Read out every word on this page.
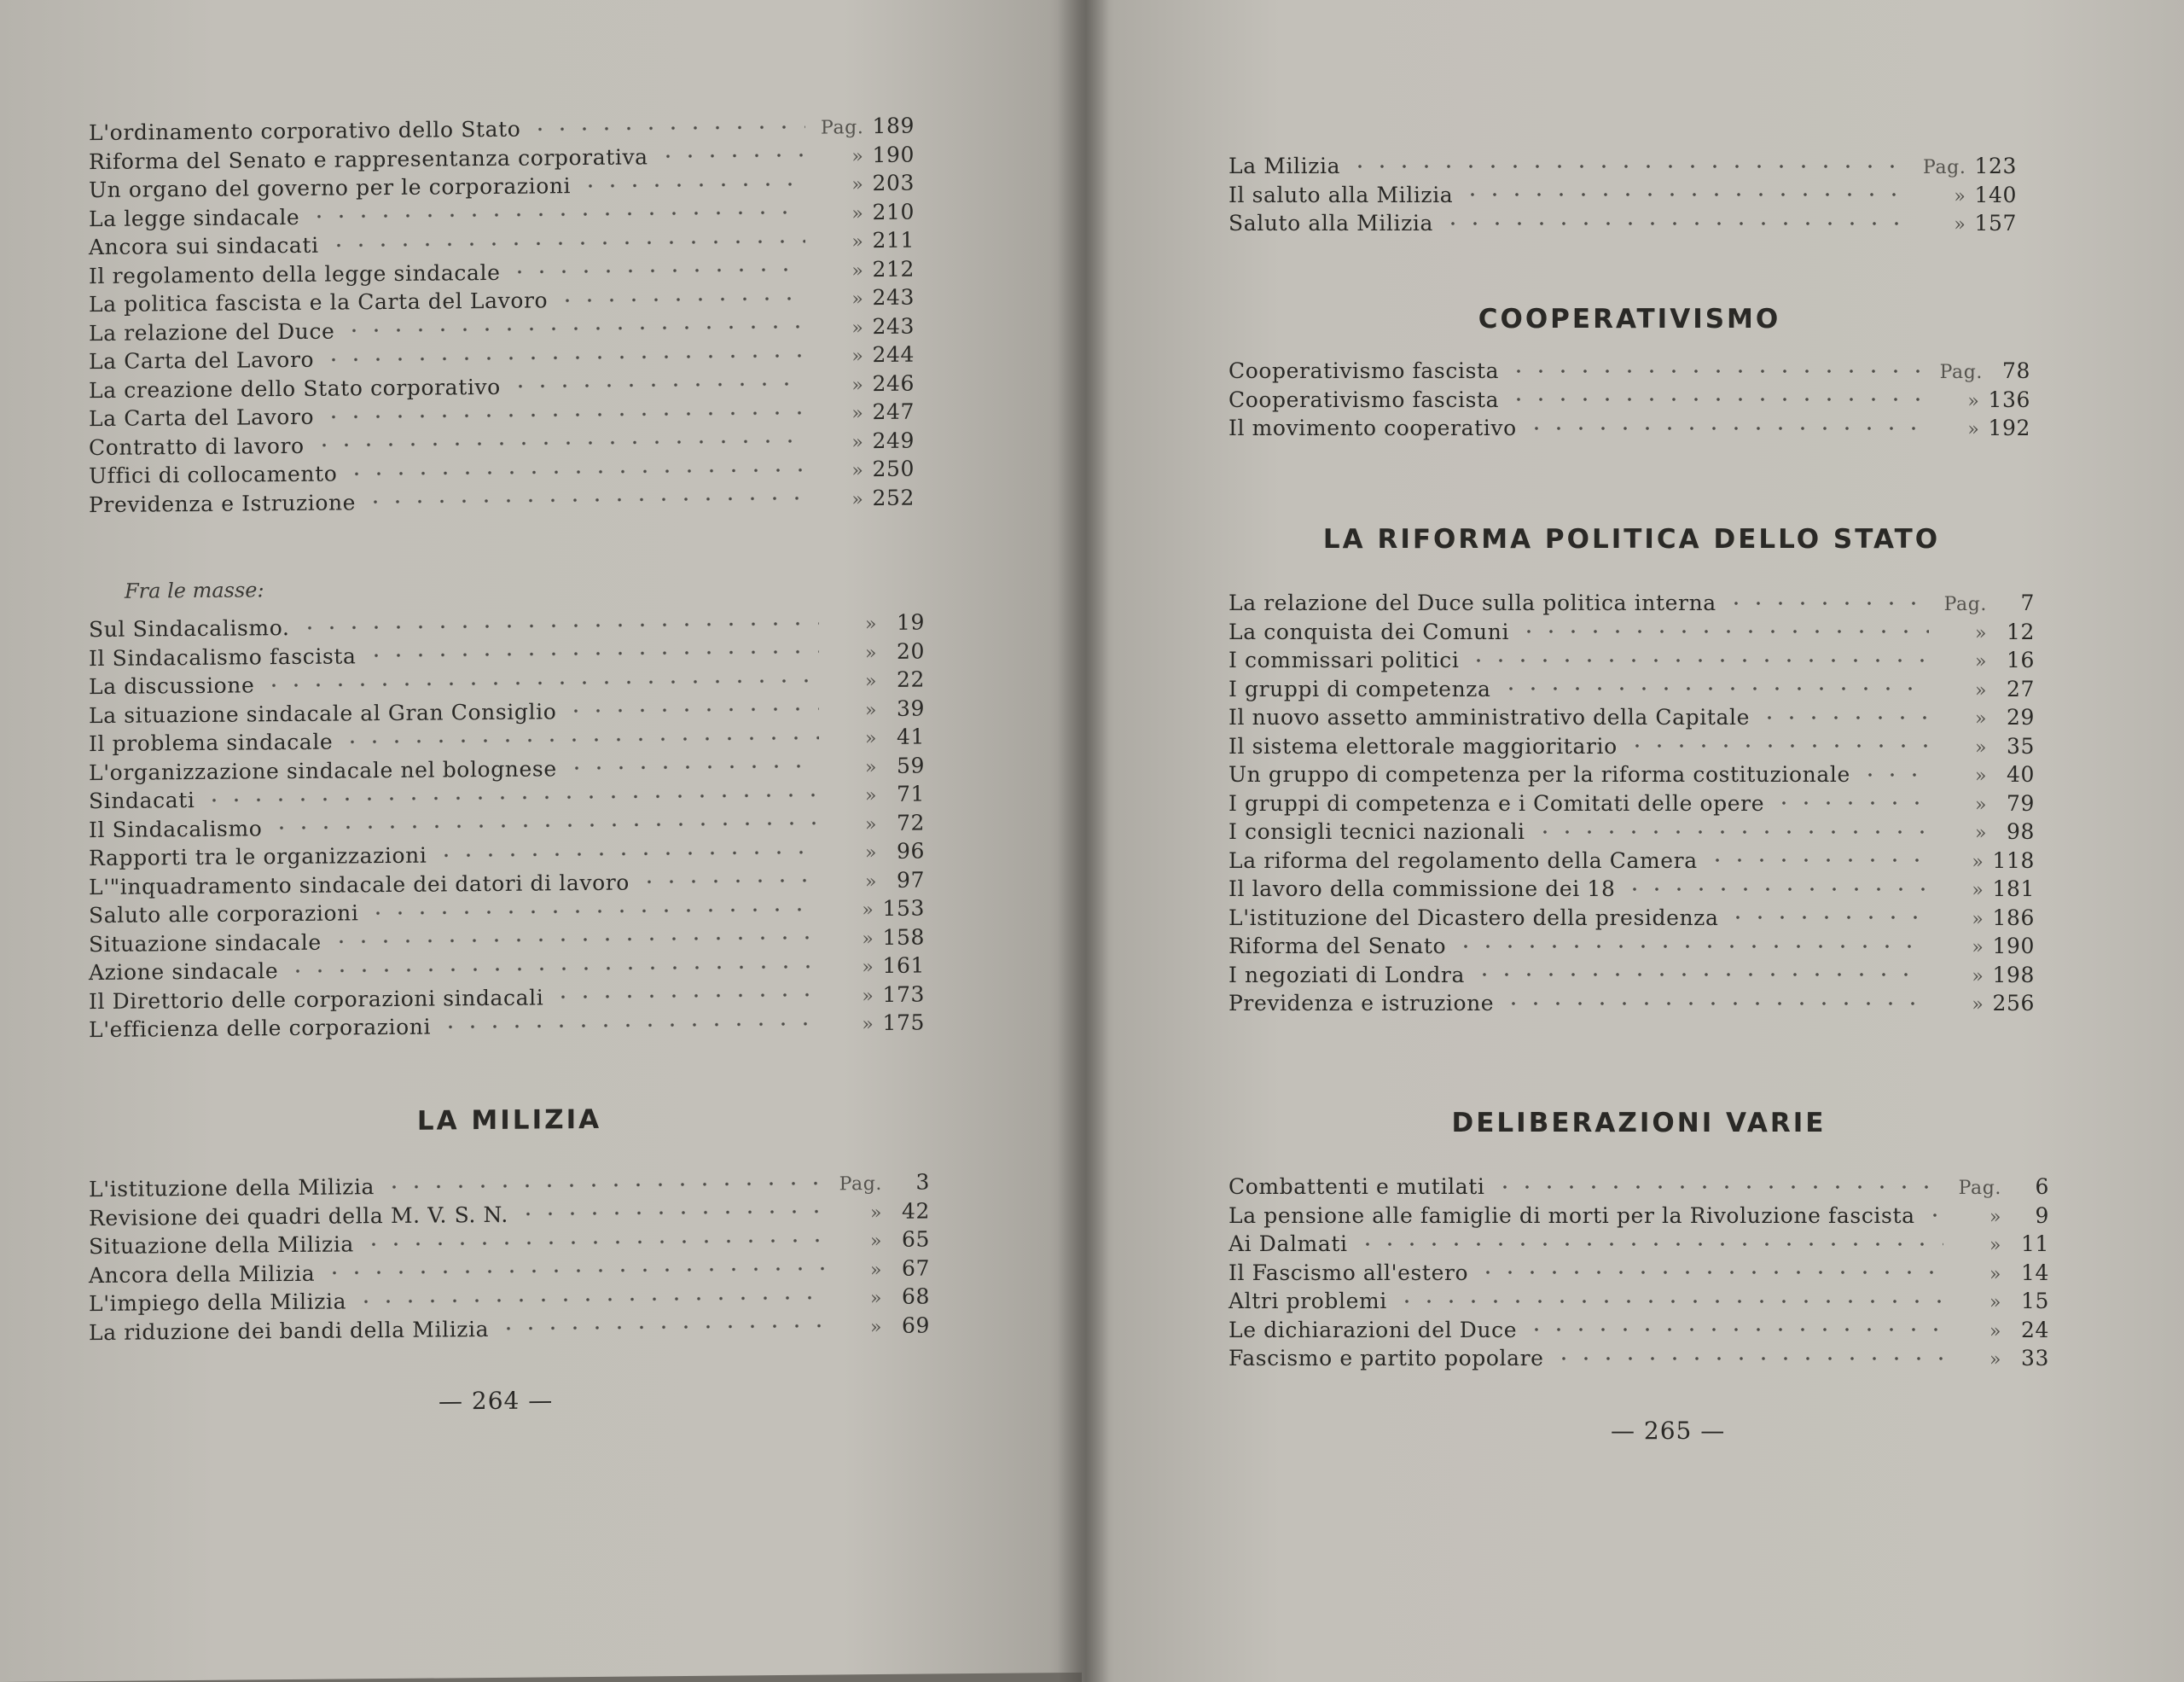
L'ordinamento corporativo dello Stato	Pag. 189
Riforma del Senato e rappresentanza corporativa	» 190
Un organo del governo per le corporazioni	» 203
La legge sindacale	» 210
Ancora sui sindacati	» 211
Il regolamento della legge sindacale	» 212
La politica fascista e la Carta del Lavoro	» 243
La relazione del Duce	» 243
La Carta del Lavoro	» 244
La creazione dello Stato corporativo	» 246
La Carta del Lavoro	» 247
Contratto di lavoro	» 249
Uffici di collocamento	» 250
Previdenza e Istruzione	» 252
Fra le masse:
Sul Sindacalismo.	» 19
Il Sindacalismo fascista	» 20
La discussione	» 22
La situazione sindacale al Gran Consiglio	» 39
Il problema sindacale	» 41
L'organizzazione sindacale nel bolognese	» 59
Sindacati	» 71
Il Sindacalismo	» 72
Rapporti tra le organizzazioni	» 96
L'"inquadramento sindacale dei datori di lavoro	» 97
Saluto alle corporazioni	» 153
Situazione sindacale	» 158
Azione sindacale	» 161
Il Direttorio delle corporazioni sindacali	» 173
L'efficienza delle corporazioni	» 175
LA MILIZIA
L'istituzione della Milizia	Pag.	3
Revisione dei quadri della M. V. S. N.	» 42
Situazione della Milizia	» 65
Ancora della Milizia	» 67
L'impiego della Milizia	» 68
La riduzione dei bandi della Milizia	» 69
— 264 —
La Milizia	Pag. 123
Il saluto alla Milizia	» 140
Saluto alla Milizia	» 157
COOPERATIVISMO
Cooperativismo fascista	Pag. 78
Cooperativismo fascista	» 136
Il movimento cooperativo	» 192
LA RIFORMA POLITICA DELLO STATO
La relazione del Duce sulla politica interna	Pag.	7
La conquista dei Comuni	» 12
I commissari politici	» 16
I gruppi di competenza	» 27
Il nuovo assetto amministrativo della Capitale	» 29
Il sistema elettorale maggioritario	» 35
Un gruppo di competenza per la riforma costituzionale	» 40
I gruppi di competenza e i Comitati delle opere	» 79
I consigli tecnici nazionali	» 98
La riforma del regolamento della Camera	» 118
Il lavoro della commissione dei 18	» 181
L'istituzione del Dicastero della presidenza	» 186
Riforma del Senato	» 190
I negoziati di Londra	» 198
Previdenza e istruzione	» 256
DELIBERAZIONI VARIE
Combattenti e mutilati	Pag.	6
La pensione alle famiglie di morti per la Rivoluzione fascista	»	9
Ai Dalmati	» 11
Il Fascismo all'estero	» 14
Altri problemi	» 15
Le dichiarazioni del Duce	» 24
Fascismo e partito popolare	» 33
— 265 —
